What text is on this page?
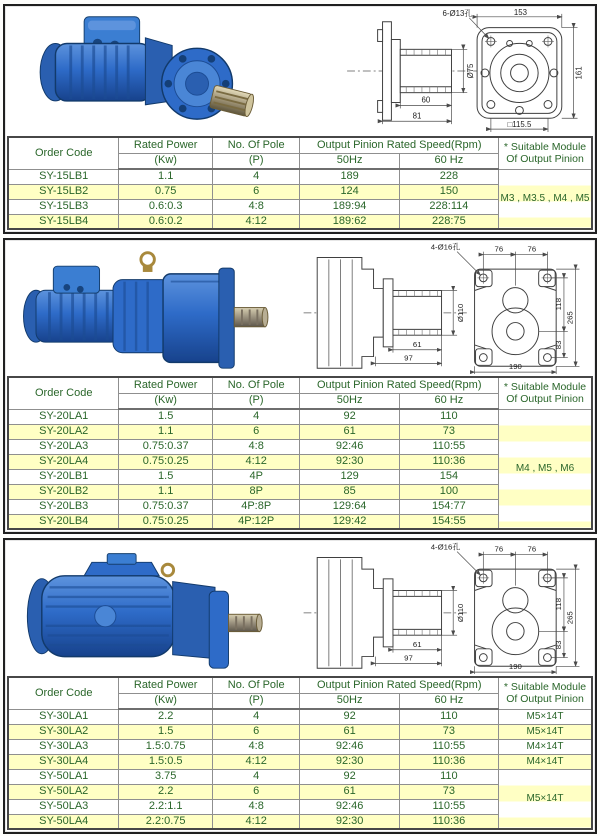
Ø75
60
81
6-Ø13孔	153
161
□115.5
Order Code	Rated Power	No. Of Pole	Output Pinion Rated Speed(Rpm)		* Suitable Module
Of Output Pinion

	(Kw)	(P)	50Hz	60 Hz	
SY-15LB1	1.1	4	189	228	M3 , M3.5 , M4 , M5
SY-15LB2	0.75	6	124	150	
SY-15LB3	0.6:0.3	4:8	189:94	228:114	
SY-15LB4	0.6:0.2	4:12	189:62	228:75	
Ø110
61
97
4-Ø16孔	76	76
118
83
265
190
Order Code	Rated Power	No. Of Pole	Output Pinion Rated Speed(Rpm)		* Suitable Module
Of Output Pinion

	(Kw)	(P)	50Hz	60 Hz	
SY-20LA1	1.5	4	92	110	M4 , M5 , M6
SY-20LA2	1.1	6	61	73	
SY-20LA3	0.75:0.37	4:8	92:46	110:55	
SY-20LA4	0.75:0.25	4:12	92:30	110:36	
SY-20LB1	1.5	4P	129	154	
SY-20LB2	1.1	8P	85	100	
SY-20LB3	0.75:0.37	4P:8P	129:64	154:77	
SY-20LB4	0.75:0.25	4P:12P	129:42	154:55	
Ø110
61
97
4-Ø16孔	76	76
118
83
265
190
Order Code	Rated Power	No. Of Pole	Output Pinion Rated Speed(Rpm)		* Suitable Module
Of Output Pinion

	(Kw)	(P)	50Hz	60 Hz	
SY-30LA1	2.2	4	92	110	M5×14T
SY-30LA2	1.5	6	61	73	M5×14T
SY-30LA3	1.5:0.75	4:8	92:46	110:55	M4×14T
SY-30LA4	1.5:0.5	4:12	92:30	110:36	M4×14T
SY-50LA1	3.75	4	92	110	M5×14T
SY-50LA2	2.2	6	61	73	
SY-50LA3	2.2:1.1	4:8	92:46	110:55	
SY-50LA4	2.2:0.75	4:12	92:30	110:36	
